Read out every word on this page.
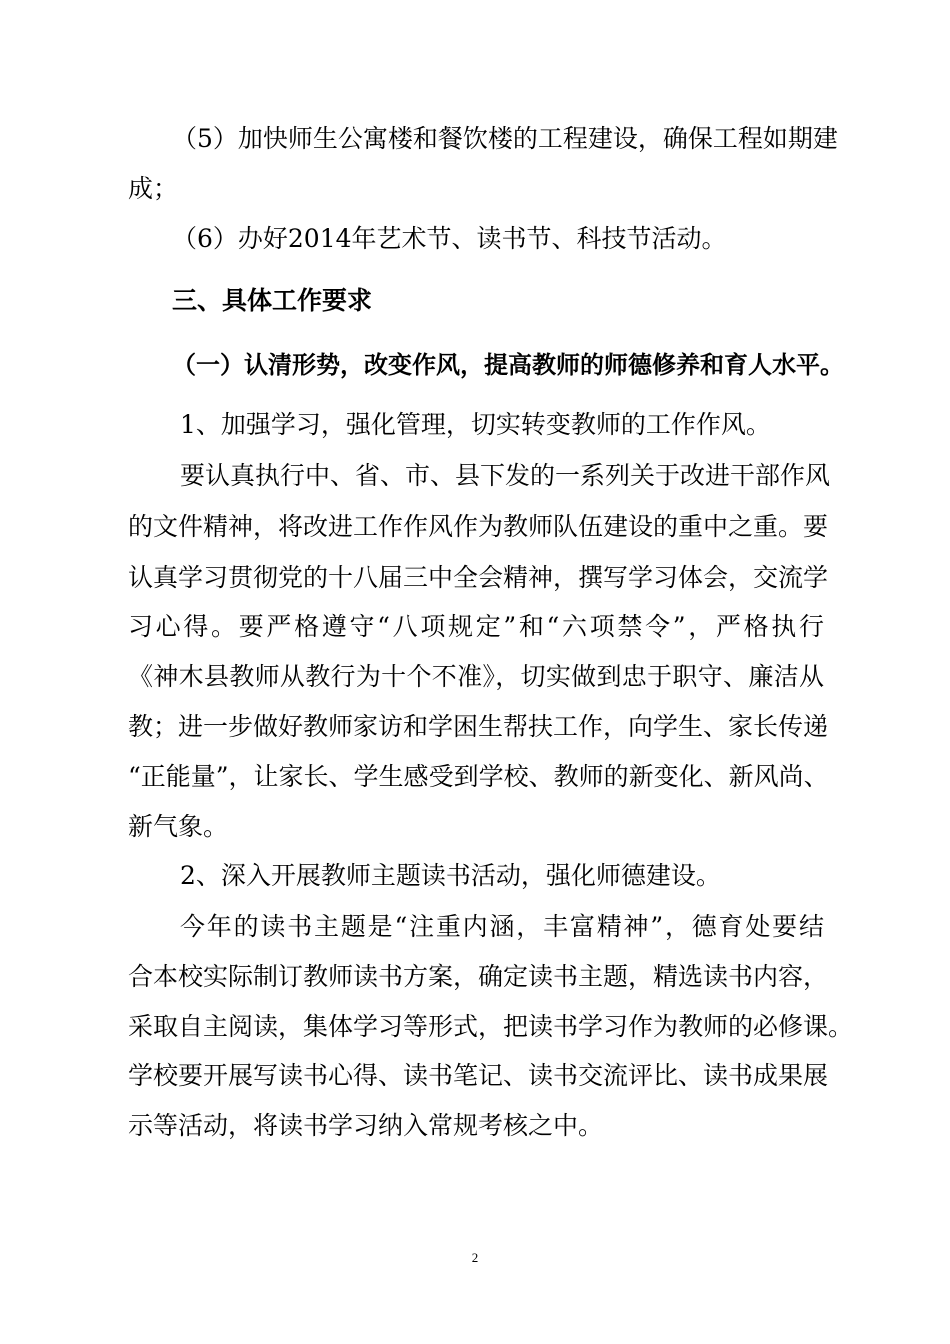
（5）加快师生公寓楼和餐饮楼的工程建设，确保工程如期建
成；
（6）办好2014年艺术节、读书节、科技节活动。
三、具体工作要求
（一）认清形势，改变作风，提高教师的师德修养和育人水平。
1、加强学习，强化管理，切实转变教师的工作作风。
要认真执行中、省、市、县下发的一系列关于改进干部作风
的文件精神，将改进工作作风作为教师队伍建设的重中之重。要
认真学习贯彻党的十八届三中全会精神，撰写学习体会，交流学
习心得。要严格遵守“八项规定”和“六项禁令”，严格执行
《神木县教师从教行为十个不准》，切实做到忠于职守、廉洁从
教；进一步做好教师家访和学困生帮扶工作，向学生、家长传递
“正能量”，让家长、学生感受到学校、教师的新变化、新风尚、
新气象。
2、深入开展教师主题读书活动，强化师德建设。
今年的读书主题是“注重内涵，丰富精神”，德育处要结
合本校实际制订教师读书方案，确定读书主题，精选读书内容，
采取自主阅读，集体学习等形式，把读书学习作为教师的必修课。
学校要开展写读书心得、读书笔记、读书交流评比、读书成果展
示等活动，将读书学习纳入常规考核之中。
2
